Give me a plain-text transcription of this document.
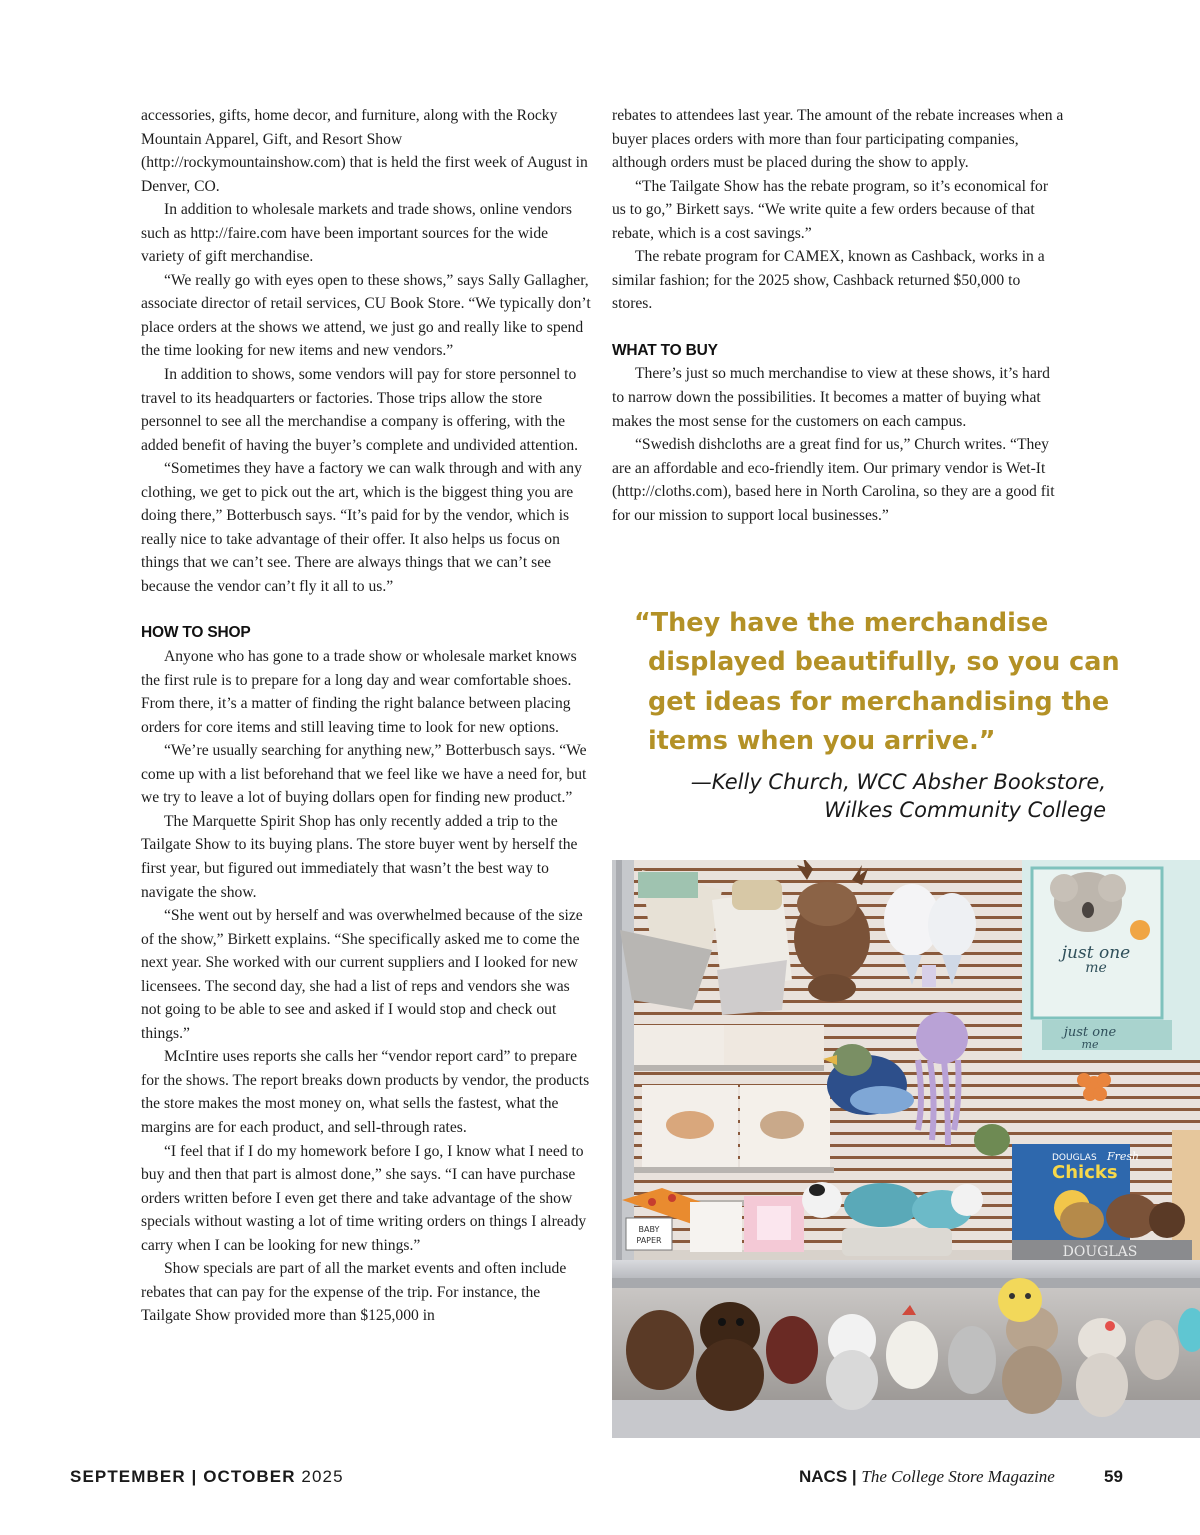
accessories, gifts, home decor, and furniture, along with the Rocky Mountain Apparel, Gift, and Resort Show (http://rockymountainshow.com) that is held the first week of August in Denver, CO.

In addition to wholesale markets and trade shows, online vendors such as http://faire.com have been important sources for the wide variety of gift merchandise.

“We really go with eyes open to these shows,” says Sally Gallagher, associate director of retail services, CU Book Store. “We typically don’t place orders at the shows we attend, we just go and really like to spend the time looking for new items and new vendors.”

In addition to shows, some vendors will pay for store personnel to travel to its headquarters or factories. Those trips allow the store personnel to see all the merchandise a company is offering, with the added benefit of having the buyer’s complete and undivided attention.

“Sometimes they have a factory we can walk through and with any clothing, we get to pick out the art, which is the biggest thing you are doing there,” Botterbusch says. “It’s paid for by the vendor, which is really nice to take advantage of their offer. It also helps us focus on things that we can’t see. There are always things that we can’t see because the vendor can’t fly it all to us.”

HOW TO SHOP

Anyone who has gone to a trade show or wholesale market knows the first rule is to prepare for a long day and wear comfortable shoes. From there, it’s a matter of finding the right balance between placing orders for core items and still leaving time to look for new options.

“We’re usually searching for anything new,” Botterbusch says. “We come up with a list beforehand that we feel like we have a need for, but we try to leave a lot of buying dollars open for finding new product.”

The Marquette Spirit Shop has only recently added a trip to the Tailgate Show to its buying plans. The store buyer went by herself the first year, but figured out immediately that wasn’t the best way to navigate the show.

“She went out by herself and was overwhelmed because of the size of the show,” Birkett explains. “She specifically asked me to come the next year. She worked with our current suppliers and I looked for new licensees. The second day, she had a list of reps and vendors she was not going to be able to see and asked if I would stop and check out things.”

McIntire uses reports she calls her “vendor report card” to prepare for the shows. The report breaks down products by vendor, the products the store makes the most money on, what sells the fastest, what the margins are for each product, and sell-through rates.

“I feel that if I do my homework before I go, I know what I need to buy and then that part is almost done,” she says. “I can have purchase orders written before I even get there and take advantage of the show specials without wasting a lot of time writing orders on things I already carry when I can be looking for new things.”

Show specials are part of all the market events and often include rebates that can pay for the expense of the trip. For instance, the Tailgate Show provided more than $125,000 in

rebates to attendees last year. The amount of the rebate increases when a buyer places orders with more than four participating companies, although orders must be placed during the show to apply.

“The Tailgate Show has the rebate program, so it’s economical for us to go,” Birkett says. “We write quite a few orders because of that rebate, which is a cost savings.”

The rebate program for CAMEX, known as Cashback, works in a similar fashion; for the 2025 show, Cashback returned $50,000 to stores.

WHAT TO BUY

There’s just so much merchandise to view at these shows, it’s hard to narrow down the possibilities. It becomes a matter of buying what makes the most sense for the customers on each campus.

“Swedish dishcloths are a great find for us,” Church writes. “They are an affordable and eco-friendly item. Our primary vendor is Wet-It (http://cloths.com), based here in North Carolina, so they are a good fit for our mission to support local businesses.”

“They have the merchandise
displayed beautifully, so you can
get ideas for merchandising the
items when you arrive.”
—Kelly Church, WCC Absher Bookstore,
Wilkes Community College
just one
me
just one
me
DOUGLAS Fresh
Chicks
BABY
PAPER
DOUGLAS
SEPTEMBER | OCTOBER 2025	NACS | The College Store Magazine	59
